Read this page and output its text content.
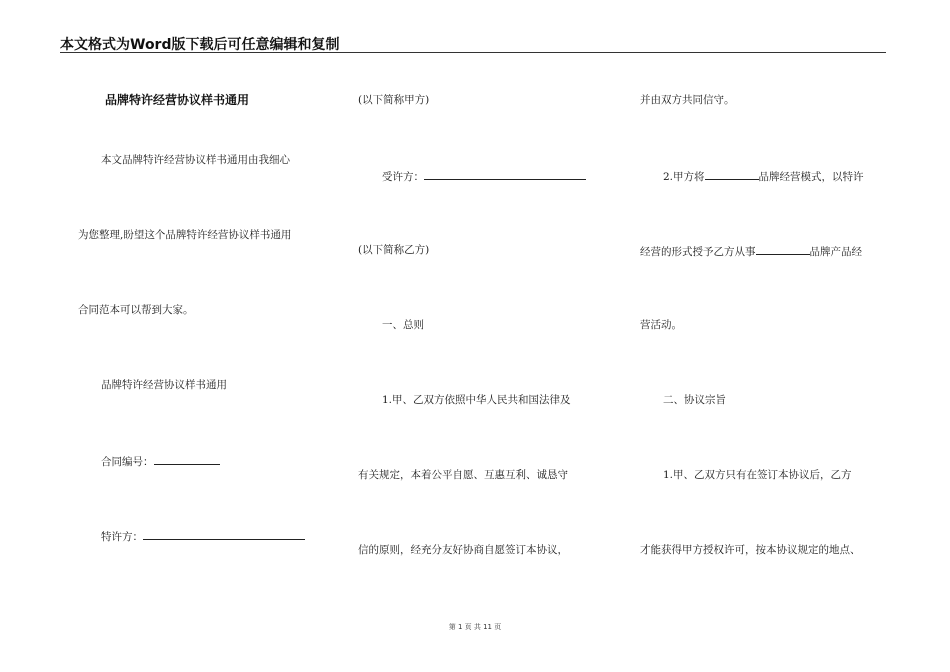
本文格式为Word版下载后可任意编辑和复制
品牌特许经营协议样书通用
本文品牌特许经营协议样书通用由我细心
为您整理,盼望这个品牌特许经营协议样书通用
合同范本可以帮到大家。
品牌特许经营协议样书通用
合同编号：
特许方：
(以下简称甲方)
受许方：
(以下简称乙方)
一、总则
1.甲、乙双方依照中华人民共和国法律及
有关规定，本着公平自愿、互惠互利、诚恳守
信的原则，经充分友好协商自愿签订本协议，
并由双方共同信守。
2.甲方将	品牌经营模式，以特许
经营的形式授予乙方从事	品牌产品经
营活动。
二、协议宗旨
1.甲、乙双方只有在签订本协议后，乙方
才能获得甲方授权许可，按本协议规定的地点、
第 1 页 共 11 页
